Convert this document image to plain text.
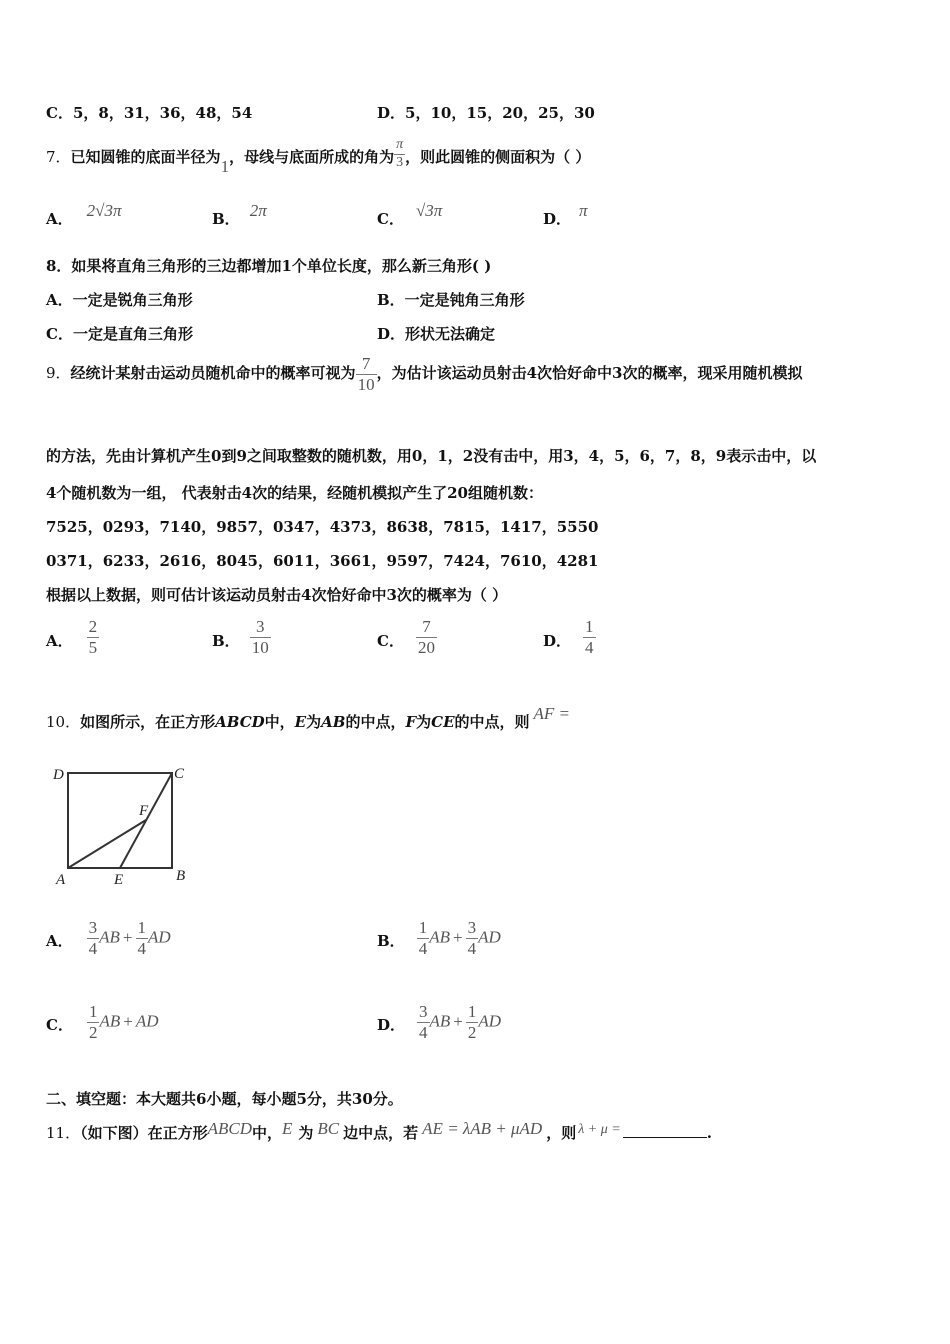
C．5，8，31，36，48，54	D．5，10，15，20，25，30
7．已知圆锥的底面半径为1，母线与底面所成的角为 $\frac{\pi}{3}$ ，则此圆锥的侧面积为（ ）
A． 2√3π	B． 2π	C． √3π	D． π
8．如果将直角三角形的三边都增加1个单位长度，那么新三角形( )
A．一定是锐角三角形	B．一定是钝角三角形
C．一定是直角三角形	D．形状无法确定
9．经统计某射击运动员随机命中的概率可视为 $\frac{7}{10}$ ，为估计该运动员射击4次恰好命中3次的概率，现采用随机模拟
的方法，先由计算机产生0到9之间取整数的随机数，用0，1，2没有击中，用3，4，5，6，7，8，9表示击中，以
4个随机数为一组， 代表射击4次的结果，经随机模拟产生了20组随机数：
7525，0293，7140，9857，0347，4373，8638，7815，1417，5550
0371，6233，2616，8045，6011，3661，9597，7424，7610，4281
根据以上数据，则可估计该运动员射击4次恰好命中3次的概率为（ ）
A． $\frac{2}{5}$	B． $\frac{3}{10}$	C． $\frac{7}{20}$	D． $\frac{1}{4}$
10．如图所示，在正方形ABCD中，E为AB的中点，F为CE的中点，则 AF =
D	C
F
A	E	B
A． $\frac{3}{4}$ AB + $\frac{1}{4}$ AD	B． $\frac{1}{4}$ AB + $\frac{3}{4}$ AD
C． $\frac{1}{2}$ AB + AD	D． $\frac{3}{4}$ AB + $\frac{1}{2}$ AD
二、填空题：本大题共6小题，每小题5分，共30分。
11．（如下图）在正方形ABCD中，E 为 BC 边中点，若 AE = λAB + μAD ，则 λ + μ =	.
